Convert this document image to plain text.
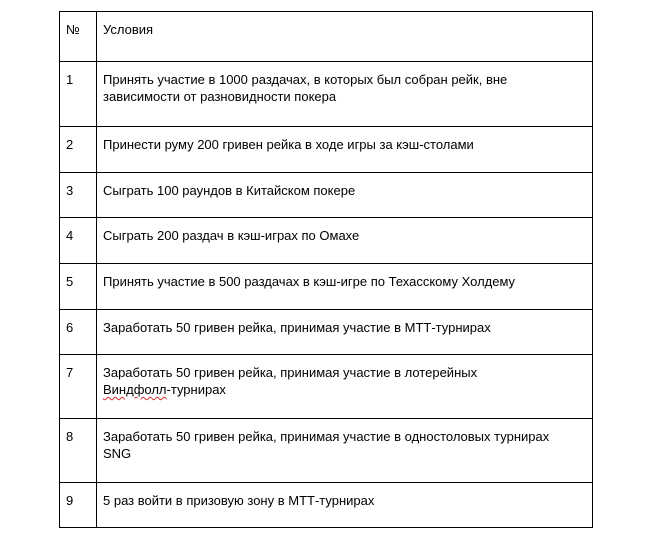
№	Условия
1	Принять участие в 1000 раздачах, в которых был собран рейк, вне
зависимости от разновидности покера
2	Принести руму 200 гривен рейка в ходе игры за кэш-столами
3	Сыграть 100 раундов в Китайском покере
4	Сыграть 200 раздач в кэш-играх по Омахе
5	Принять участие в 500 раздачах в кэш-игре по Техасскому Холдему
6	Заработать 50 гривен рейка, принимая участие в МТТ-турнирах
7	Заработать 50 гривен рейка, принимая участие в лотерейных
Виндфолл-турнирах
8	Заработать 50 гривен рейка, принимая участие в одностоловых турнирах
SNG
9	5 раз войти в призовую зону в МТТ-турнирах
